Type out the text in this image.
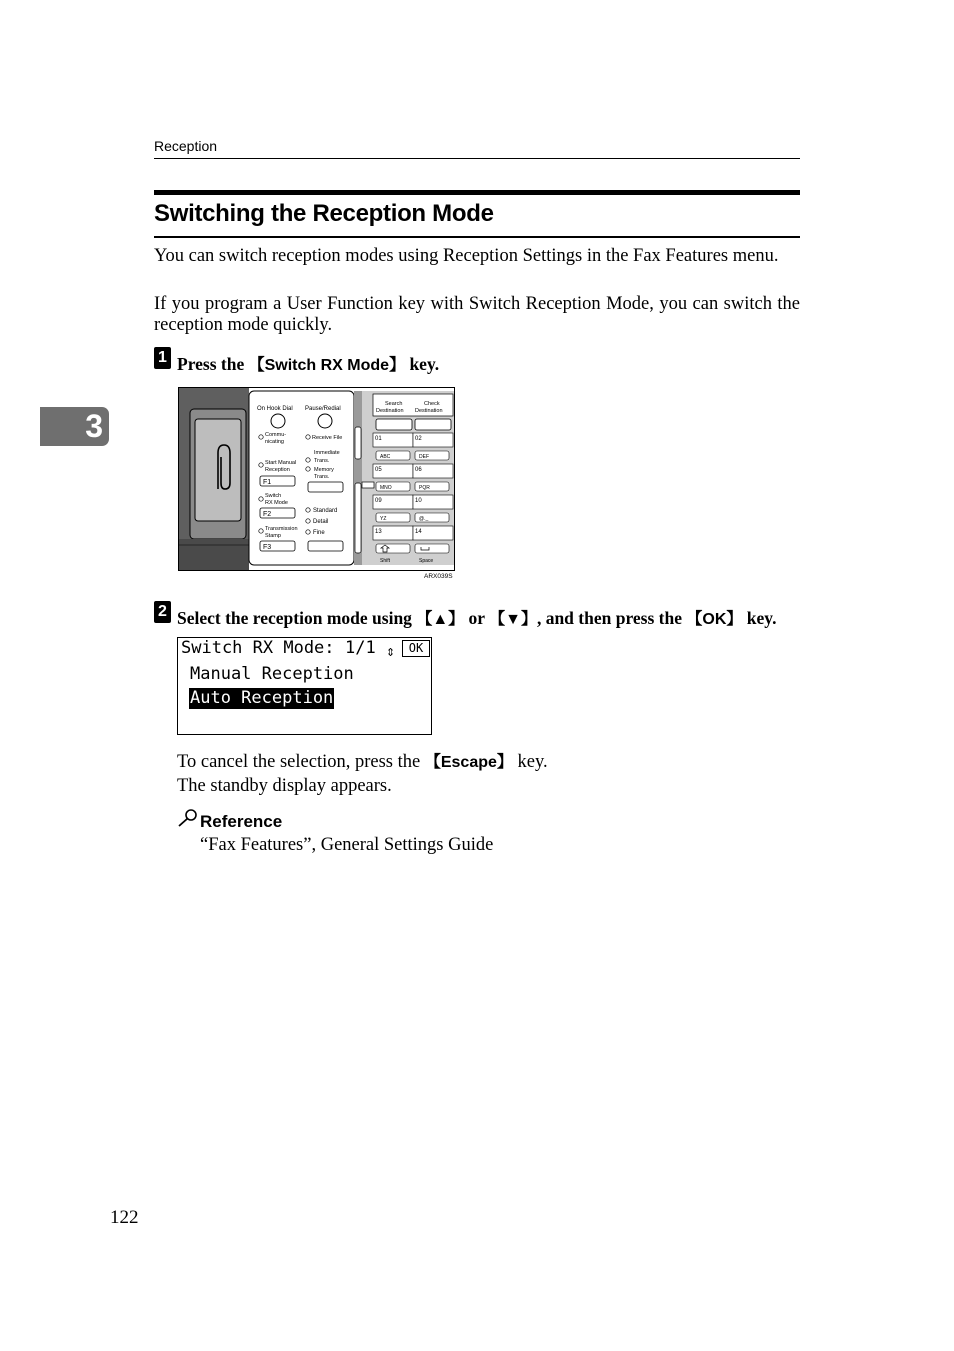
Reception
3
Switching the Reception Mode
You can switch reception modes using Reception Settings in the Fax Features menu.
If you program a User Function key with Switch Reception Mode, you can switch the reception mode quickly.
1 Press the 【Switch RX Mode】 key.
On Hook Dial Pause/Redial
Search	Check
Destination Destination
Commu-
nicating
Receive File
Immediate
Trans.
Start Manual
Reception	Memory
Trans.
F1
Switch
RX Mode
F2	Standard
Detail
Fine
Transmission
Stamp
F3
01	02
05	06
09	10
13	14
ABC	DEF
MNO	PQR
YZ	@._
Shift	Space
ARX039S
2 Select the reception mode using 【▲】 or 【▼】, and then press the 【OK】 key.
Switch RX Mode: 1/1 ⇕	OK
Manual Reception
Auto Reception
To cancel the selection, press the 【Escape】 key.
The standby display appears.
Reference
“Fax Features”, General Settings Guide
122
